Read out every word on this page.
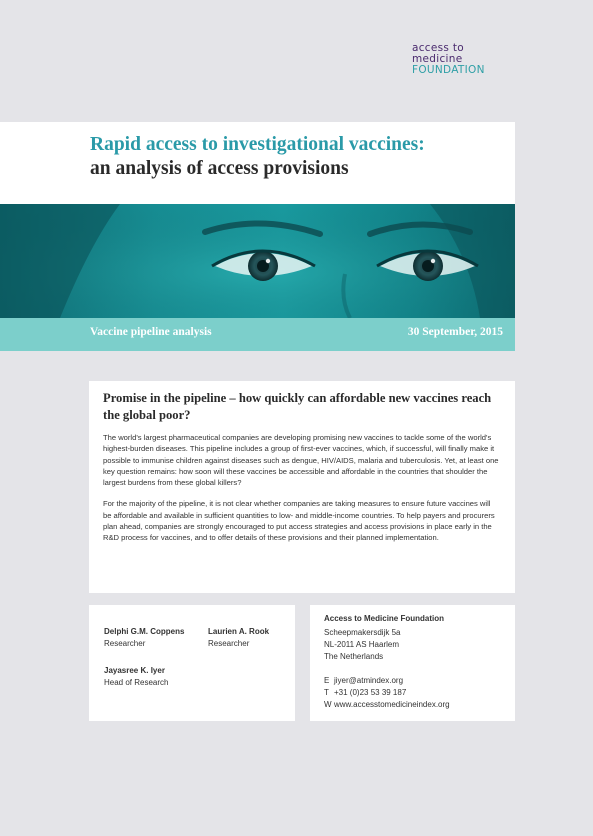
access to
medicine
FOUNDATION
Rapid access to investigational vaccines:
an analysis of access provisions
Vaccine pipeline analysis	30 September, 2015
Promise in the pipeline – how quickly can affordable new vaccines reach the global poor?

The world's largest pharmaceutical companies are developing promising new vaccines to tackle some of the world's highest-burden diseases. This pipeline includes a group of first-ever vaccines, which, if successful, will finally make it possible to immunise children against diseases such as dengue, HIV/AIDS, malaria and tuberculosis. Yet, at least one key question remains: how soon will these vaccines be accessible and affordable in the countries that shoulder the largest burdens from these global killers?

For the majority of the pipeline, it is not clear whether companies are taking measures to ensure future vaccines will be affordable and available in sufficient quantities to low- and middle-income countries. To help payers and procurers plan ahead, companies are strongly encouraged to put access strategies and access provisions in place early in the R&D process for vaccines, and to offer details of these provisions and their planned implementation.

Delphi G.M. Coppens
Researcher
Laurien A. Rook
Researcher
Jayasree K. Iyer
Head of Research
Access to Medicine Foundation
Scheepmakersdijk 5a
NL-2011 AS Haarlem
The Netherlands
E jiyer@atmindex.org
T +31 (0)23 53 39 187
W www.accesstomedicineindex.org
